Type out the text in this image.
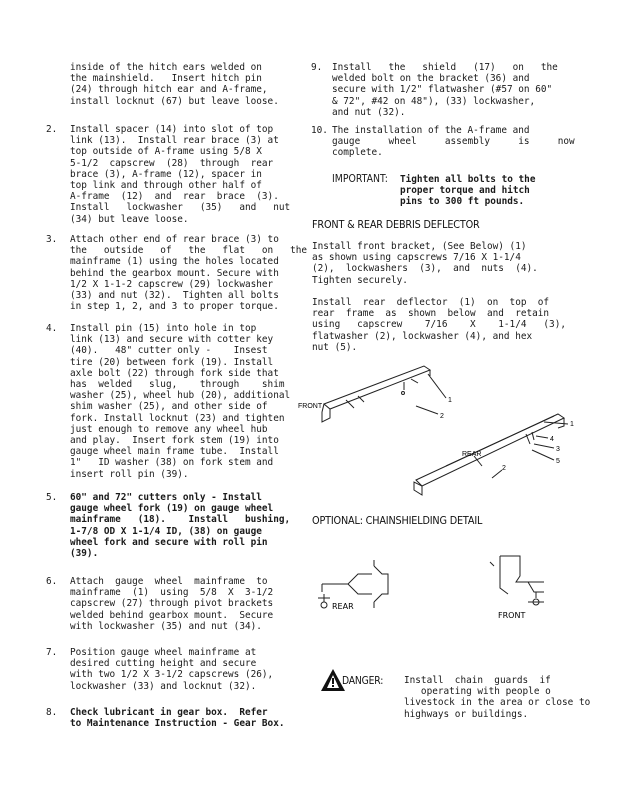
inside of the hitch ears welded on
the mainshield.   Insert hitch pin
(24) through hitch ear and A-frame,
install locknut (67) but leave loose.

2. Install spacer (14) into slot of top
link (13).  Install rear brace (3) at
top outside of A-frame using 5/8 X
5-1/2  capscrew  (28)  through  rear
brace (3), A-frame (12), spacer in
top link and through other half of
A-frame  (12)  and  rear  brace  (3).
Install   lockwasher   (35)   and   nut
(34) but leave loose.

3. Attach other end of rear brace (3) to
the   outside   of   the   flat   on   the
mainframe (1) using the holes located
behind the gearbox mount. Secure with
1/2 X 1-1-2 capscrew (29) lockwasher
(33) and nut (32).  Tighten all bolts
in step 1, 2, and 3 to proper torque.

4. Install pin (15) into hole in top
link (13) and secure with cotter key
(40).   48" cutter only -    Insest
tire (20) between fork (19). Install
axle bolt (22) through fork side that
has  welded   slug,    through    shim
washer (25), wheel hub (20), additional
shim washer (25), and other side of
fork. Install locknut (23) and tighten
just enough to remove any wheel hub
and play.  Insert fork stem (19) into
gauge wheel main frame tube.  Install
1"   ID washer (38) on fork stem and
insert roll pin (39).

5. 60" and 72" cutters only - Install
gauge wheel fork (19) on gauge wheel
mainframe   (18).    Install   bushing,
1-7/8 OD X 1-1/4 ID, (38) on gauge
wheel fork and secure with roll pin
(39).

6. Attach  gauge  wheel  mainframe  to
mainframe  (1)  using  5/8  X  3-1/2
capscrew (27) through pivot brackets
welded behind gearbox mount.  Secure
with lockwasher (35) and nut (34).

7. Position gauge wheel mainframe at
desired cutting height and secure
with two 1/2 X 3-1/2 capscrews (26),
lockwasher (33) and locknut (32).

8. Check lubricant in gear box.  Refer
to Maintenance Instruction - Gear Box.

9. Install   the   shield   (17)   on   the
welded bolt on the bracket (36) and
secure with 1/2" flatwasher (#57 on 60"
& 72", #42 on 48"), (33) lockwasher,
and nut (32).

10. The installation of the A-frame and
gauge     wheel     assembly     is     now
complete.

IMPORTANT: Tighten all bolts to the
proper torque and hitch
pins to 300 ft pounds.

FRONT & REAR DEBRIS DEFLECTOR

Install front bracket, (See Below) (1)
as shown using capscrews 7/16 X 1-1/4
(2),  lockwashers  (3),  and  nuts  (4).
Tighten securely.

Install  rear  deflector  (1)  on  top  of
rear  frame  as  shown  below  and  retain
using   capscrew    7/16    X    1-1/4   (3),
flatwasher (2), lockwasher (4), and hex
nut (5).

OPTIONAL: CHAINSHIELDING DETAIL

Install  chain  guards  if
operating with people o
livestock in the area or close to
highways or buildings.

DANGER:
FRONT
REAR
1
2
1
4
3
5
2
REAR
FRONT
